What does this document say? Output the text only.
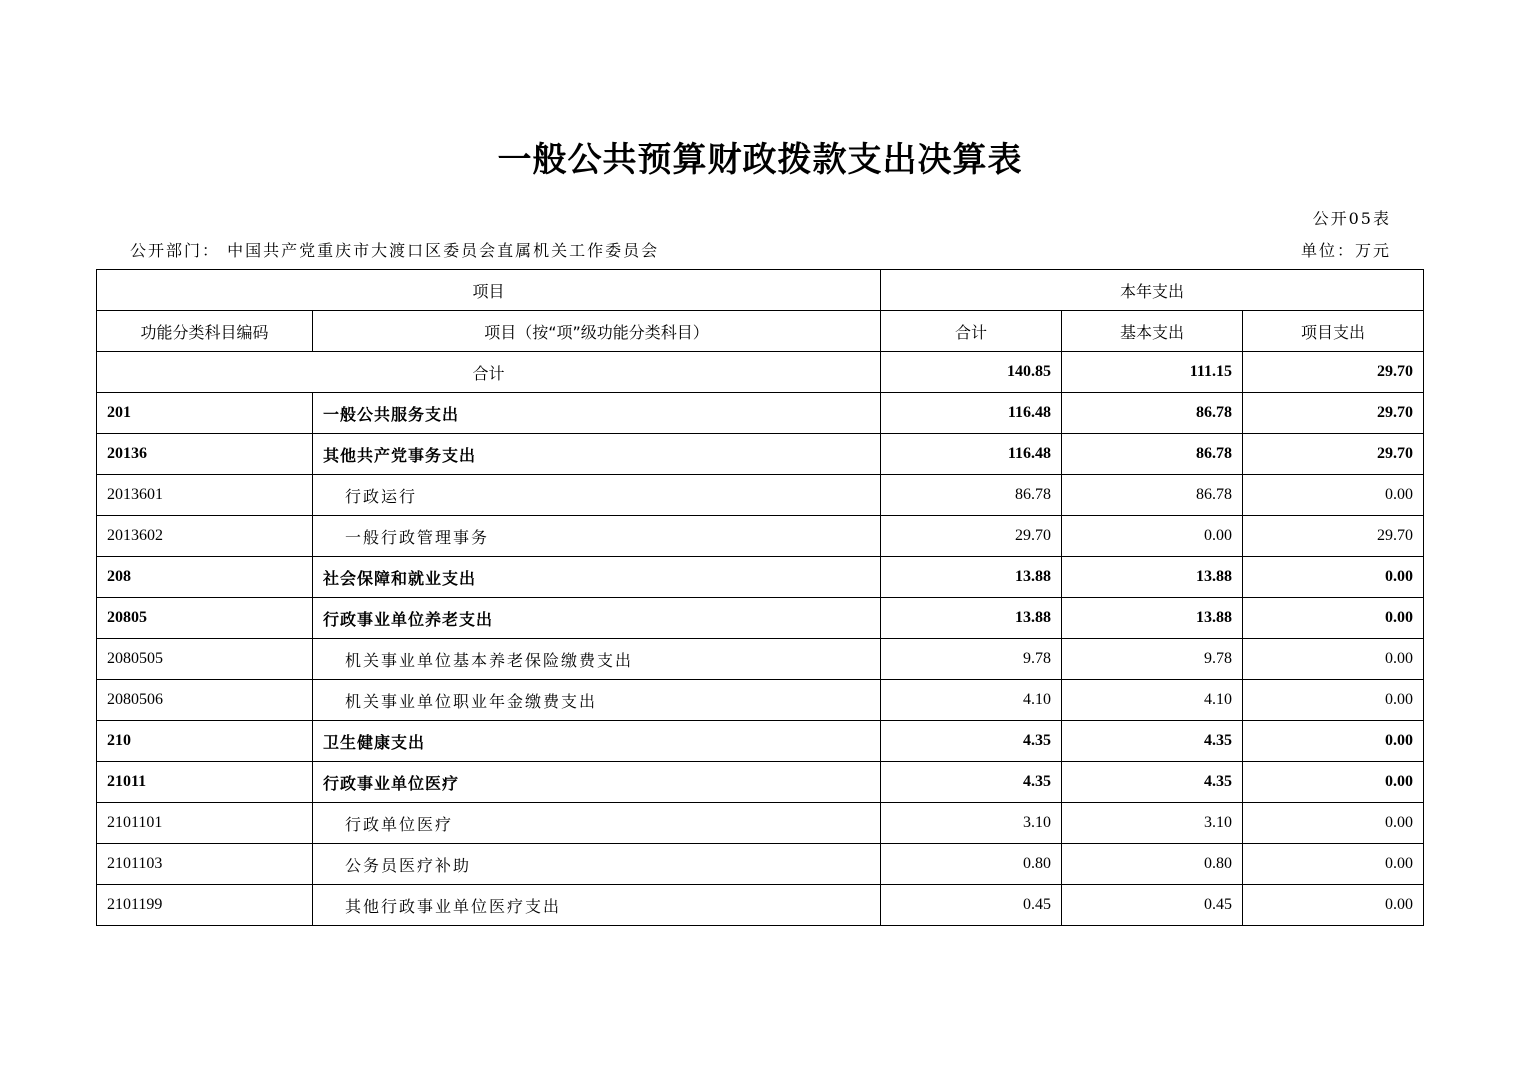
一般公共预算财政拨款支出决算表
公开05表
公开部门： 中国共产党重庆市大渡口区委员会直属机关工作委员会	单位：万元
项目		本年支出		
功能分类科目编码	项目（按“项”级功能分类科目）	合计	基本支出	项目支出
合计		140.85	111.15	29.70
201	一般公共服务支出	116.48	86.78	29.70
20136	其他共产党事务支出	116.48	86.78	29.70
2013601	行政运行	86.78	86.78	0.00
2013602	一般行政管理事务	29.70	0.00	29.70
208	社会保障和就业支出	13.88	13.88	0.00
20805	行政事业单位养老支出	13.88	13.88	0.00
2080505	机关事业单位基本养老保险缴费支出	9.78	9.78	0.00
2080506	机关事业单位职业年金缴费支出	4.10	4.10	0.00
210	卫生健康支出	4.35	4.35	0.00
21011	行政事业单位医疗	4.35	4.35	0.00
2101101	行政单位医疗	3.10	3.10	0.00
2101103	公务员医疗补助	0.80	0.80	0.00
2101199	其他行政事业单位医疗支出	0.45	0.45	0.00
